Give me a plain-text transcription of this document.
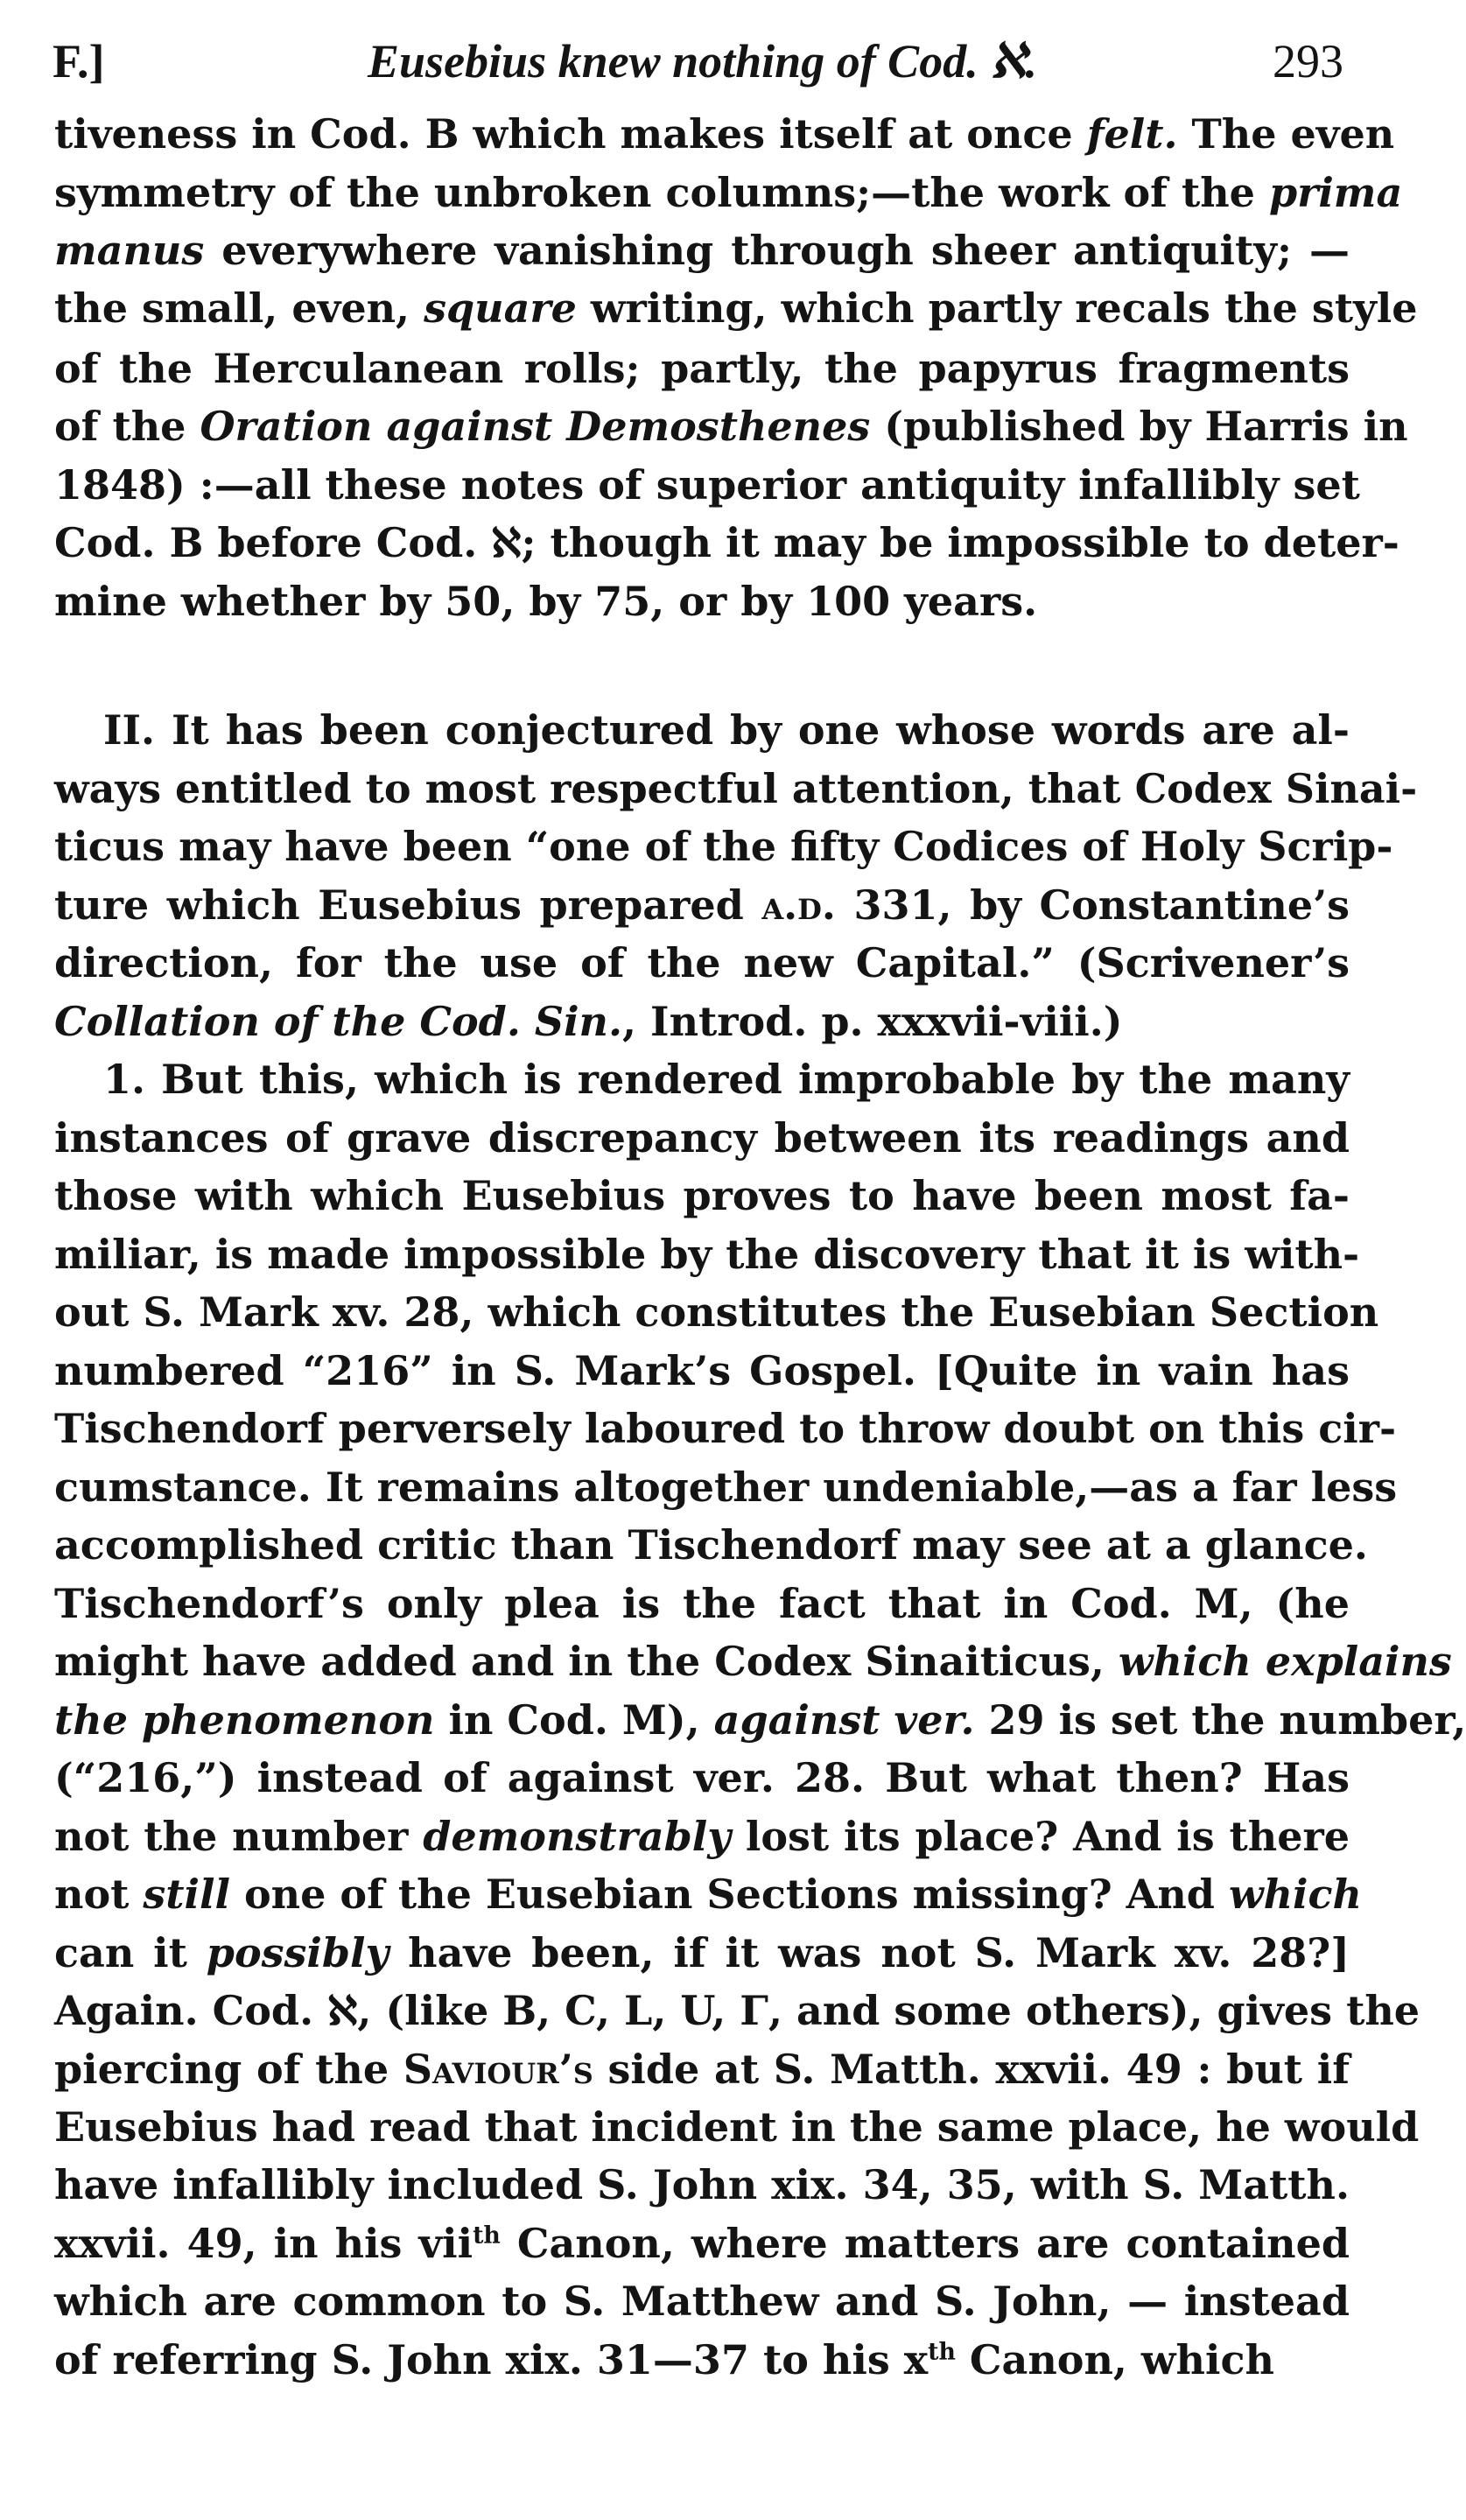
F.]	Eusebius knew nothing of Cod. ℵ.	293
tiveness in Cod. B which makes itself at once felt. The even
symmetry of the unbroken columns;—the work of the prima
manus everywhere vanishing through sheer antiquity; —
the small, even, square writing, which partly recals the style
of the Herculanean rolls; partly, the papyrus fragments
of the Oration against Demosthenes (published by Harris in
1848) :—all these notes of superior antiquity infallibly set
Cod. B before Cod. ℵ; though it may be impossible to deter-
mine whether by 50, by 75, or by 100 years.
II. It has been conjectured by one whose words are al-
ways entitled to most respectful attention, that Codex Sinai-
ticus may have been “one of the fifty Codices of Holy Scrip-
ture which Eusebius prepared a.d. 331, by Constantine’s
direction, for the use of the new Capital.” (Scrivener’s
Collation of the Cod. Sin., Introd. p. xxxvii-viii.)
1. But this, which is rendered improbable by the many
instances of grave discrepancy between its readings and
those with which Eusebius proves to have been most fa-
miliar, is made impossible by the discovery that it is with-
out S. Mark xv. 28, which constitutes the Eusebian Section
numbered “216” in S. Mark’s Gospel. [Quite in vain has
Tischendorf perversely laboured to throw doubt on this cir-
cumstance. It remains altogether undeniable,—as a far less
accomplished critic than Tischendorf may see at a glance.
Tischendorf’s only plea is the fact that in Cod. M, (he
might have added and in the Codex Sinaiticus, which explains
the phenomenon in Cod. M), against ver. 29 is set the number,
(“216,”) instead of against ver. 28. But what then? Has
not the number demonstrably lost its place? And is there
not still one of the Eusebian Sections missing? And which
can it possibly have been, if it was not S. Mark xv. 28?]
Again. Cod. ℵ, (like B, C, L, U, Γ, and some others), gives the
piercing of the Saviour’s side at S. Matth. xxvii. 49 : but if
Eusebius had read that incident in the same place, he would
have infallibly included S. John xix. 34, 35, with S. Matth.
xxvii. 49, in his vii$^{th}$ Canon, where matters are contained
which are common to S. Matthew and S. John, — instead
of referring S. John xix. 31—37 to his $x^{th}$ Canon, which
